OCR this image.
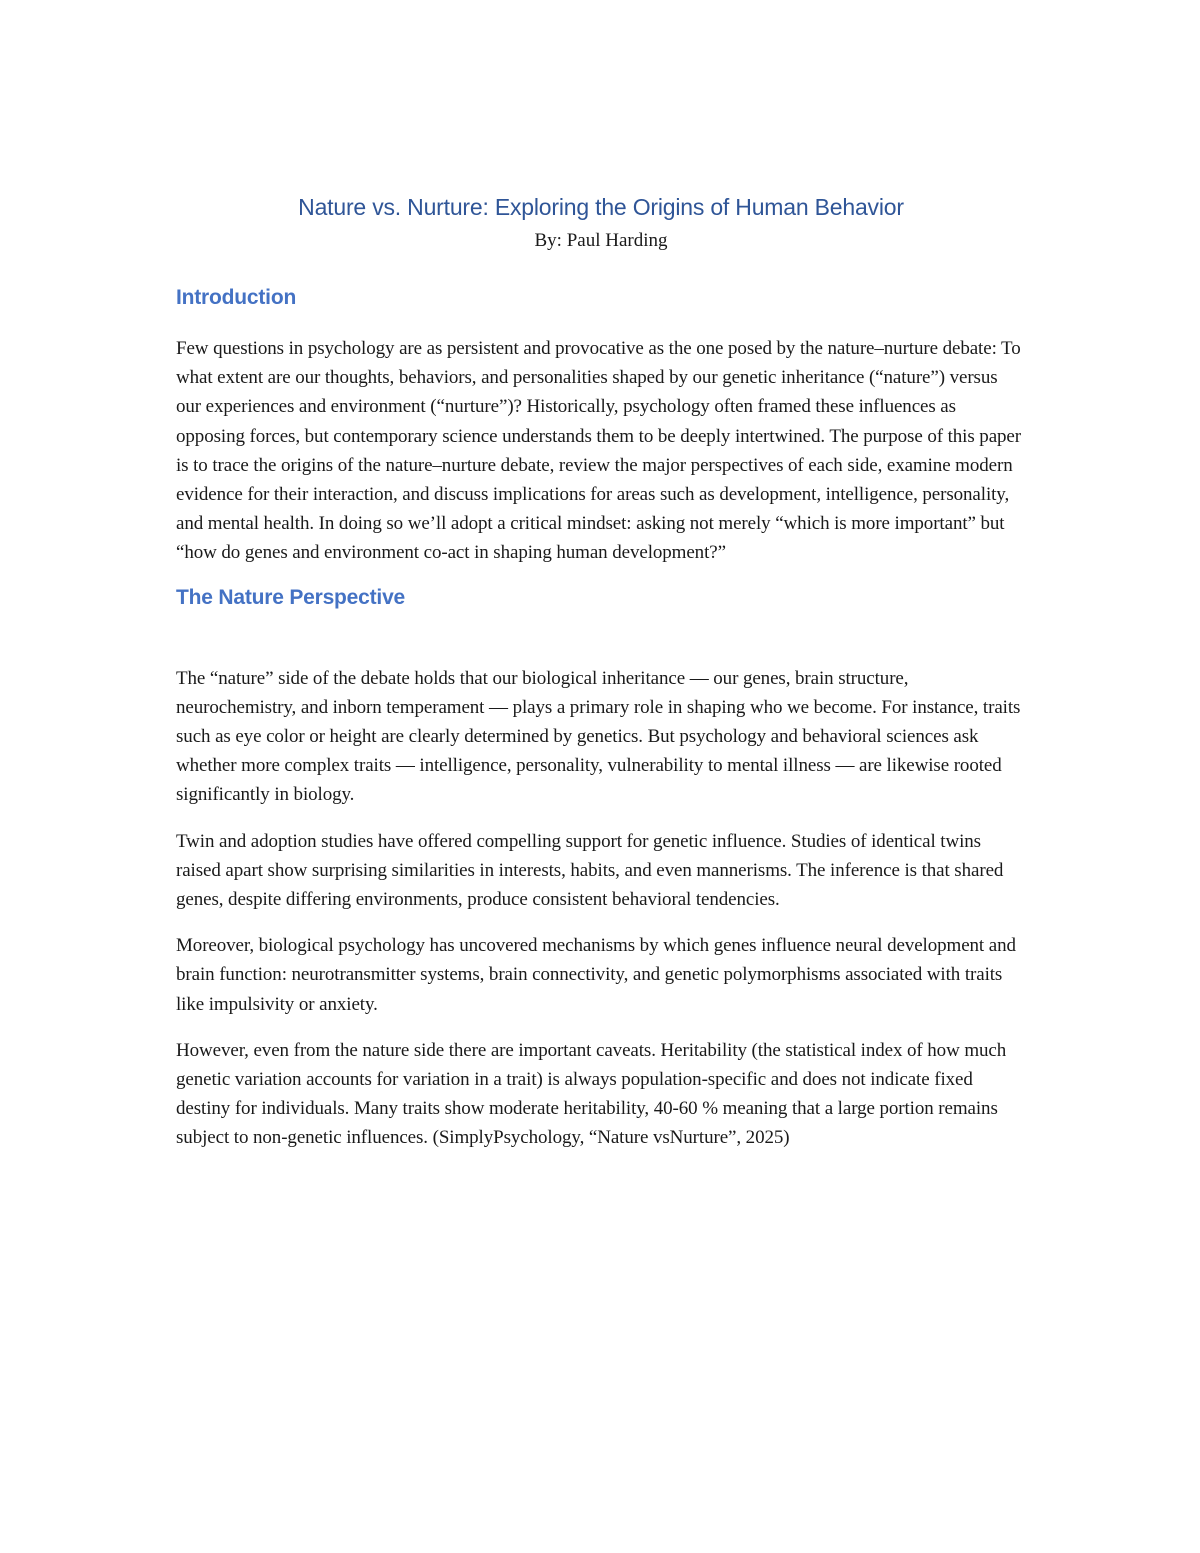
Nature vs. Nurture: Exploring the Origins of Human Behavior

By: Paul Harding

Introduction

Few questions in psychology are as persistent and provocative as the one posed by the nature–nurture debate: To what extent are our thoughts, behaviors, and personalities shaped by our genetic inheritance (“nature”) versus our experiences and environment (“nurture”)? Historically, psychology often framed these influences as opposing forces, but contemporary science understands them to be deeply intertwined. The purpose of this paper is to trace the origins of the nature–nurture debate, review the major perspectives of each side, examine modern evidence for their interaction, and discuss implications for areas such as development, intelligence, personality, and mental health. In doing so we’ll adopt a critical mindset: asking not merely “which is more important” but “how do genes and environment co-act in shaping human development?”

The Nature Perspective

The “nature” side of the debate holds that our biological inheritance — our genes, brain structure, neurochemistry, and inborn temperament — plays a primary role in shaping who we become. For instance, traits such as eye color or height are clearly determined by genetics. But psychology and behavioral sciences ask whether more complex traits — intelligence, personality, vulnerability to mental illness — are likewise rooted significantly in biology.

Twin and adoption studies have offered compelling support for genetic influence. Studies of identical twins raised apart show surprising similarities in interests, habits, and even mannerisms. The inference is that shared genes, despite differing environments, produce consistent behavioral tendencies.

Moreover, biological psychology has uncovered mechanisms by which genes influence neural development and brain function: neurotransmitter systems, brain connectivity, and genetic polymorphisms associated with traits like impulsivity or anxiety.

However, even from the nature side there are important caveats. Heritability (the statistical index of how much genetic variation accounts for variation in a trait) is always population-specific and does not indicate fixed destiny for individuals. Many traits show moderate heritability, 40-60 % meaning that a large portion remains subject to non-genetic influences. (SimplyPsychology, “Nature vsNurture”, 2025)
